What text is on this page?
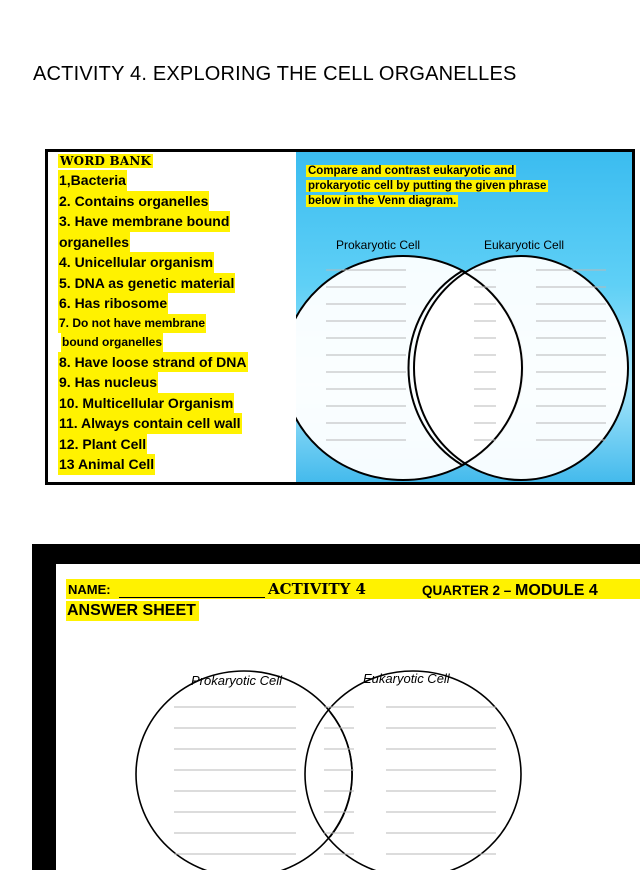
ACTIVITY 4. EXPLORING THE CELL ORGANELLES
WORD BANK
1,Bacteria
2. Contains organelles
3. Have membrane bound
organelles
4. Unicellular organism
5. DNA as genetic material
6. Has ribosome
7. Do not have membrane
bound organelles
8. Have loose strand of DNA
9. Has nucleus
10. Multicellular Organism
11. Always contain cell wall
12. Plant Cell
13 Animal Cell
Prokaryotic Cell	Eukaryotic Cell
Compare and contrast eukaryotic and
prokaryotic cell by putting the given phrase
below in the Venn diagram.
NAME:	ACTIVITY 4	QUARTER 2 – MODULE 4
ANSWER SHEET
Prokaryotic Cell	Eukaryotic Cell
